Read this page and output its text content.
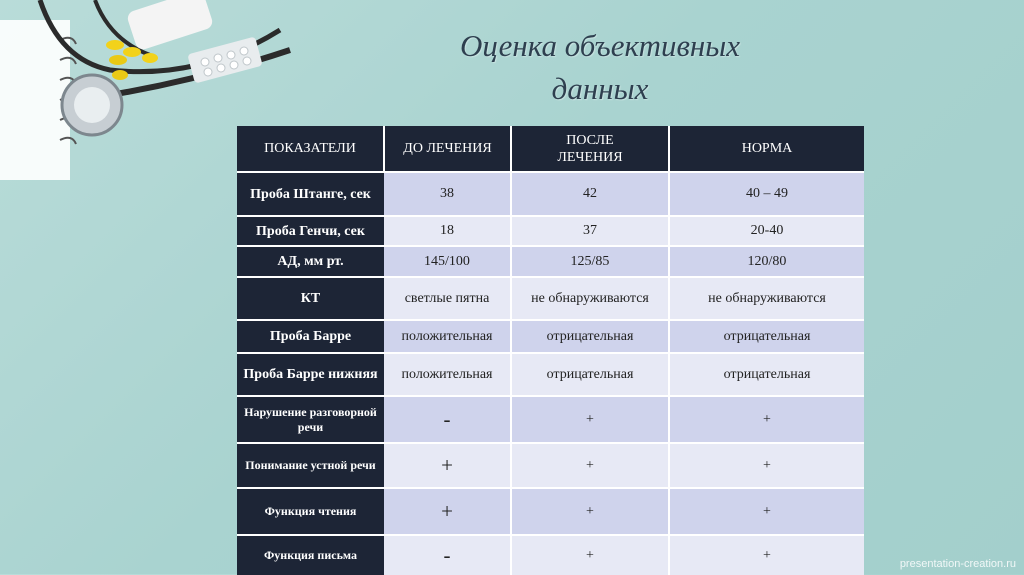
Оценка объективных
данных
ПОКАЗАТЕЛИ	ДО ЛЕЧЕНИЯ	ПОСЛЕ ЛЕЧЕНИЯ	НОРМА
Проба Штанге, сек	38	42	40 – 49
Проба Генчи, сек	18	37	20-40
АД, мм рт.	145/100	125/85	120/80
КТ	светлые пятна	не обнаруживаются	не обнаруживаются
Проба Барре	положительная	отрицательная	отрицательная
Проба Барре нижняя	положительная	отрицательная	отрицательная
Нарушение разговорной речи	-	+	+
Понимание устной речи	+	+	+
Функция чтения	+	+	+
Функция письма	-	+	+
presentation-creation.ru
